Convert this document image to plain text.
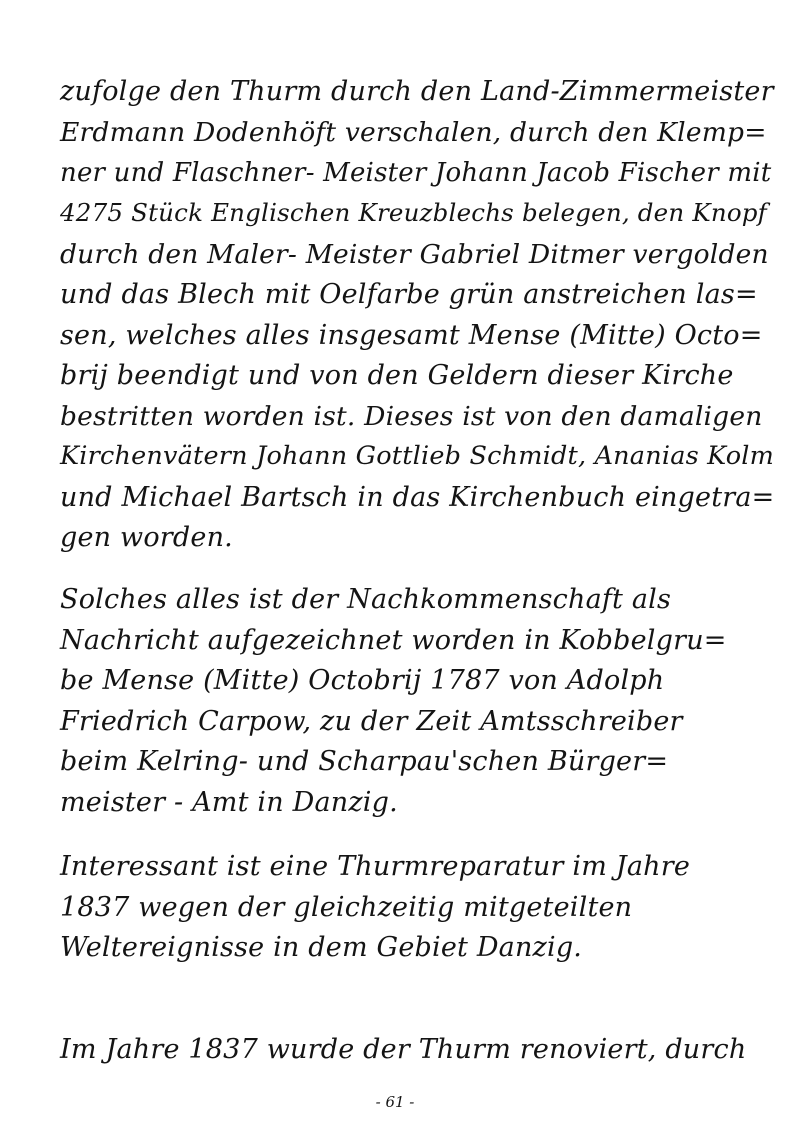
zufolge den Thurm durch den Land-Zimmermeister
Erdmann Dodenhöft verschalen, durch den Klemp=
ner und Flaschner- Meister Johann Jacob Fischer mit
4275 Stück Englischen Kreuzblechs belegen, den Knopf
durch den Maler- Meister Gabriel Ditmer vergolden
und das Blech mit Oelfarbe grün anstreichen las=
sen, welches alles insgesamt Mense (Mitte) Octo=
brij beendigt und von den Geldern dieser Kirche
bestritten worden ist. Dieses ist von den damaligen
Kirchenvätern Johann Gottlieb Schmidt, Ananias Kolm
und Michael Bartsch in das Kirchenbuch eingetra=
gen worden.
Solches alles ist der Nachkommenschaft als
Nachricht aufgezeichnet worden in Kobbelgru=
be Mense (Mitte) Octobrij 1787 von Adolph
Friedrich Carpow, zu der Zeit Amtsschreiber
beim Kelring- und Scharpau'schen Bürger=
meister - Amt in Danzig.
Interessant ist eine Thurmreparatur im Jahre
1837 wegen der gleichzeitig mitgeteilten
Weltereignisse in dem Gebiet Danzig.
Im Jahre 1837 wurde der Thurm renoviert, durch
- 61 -
